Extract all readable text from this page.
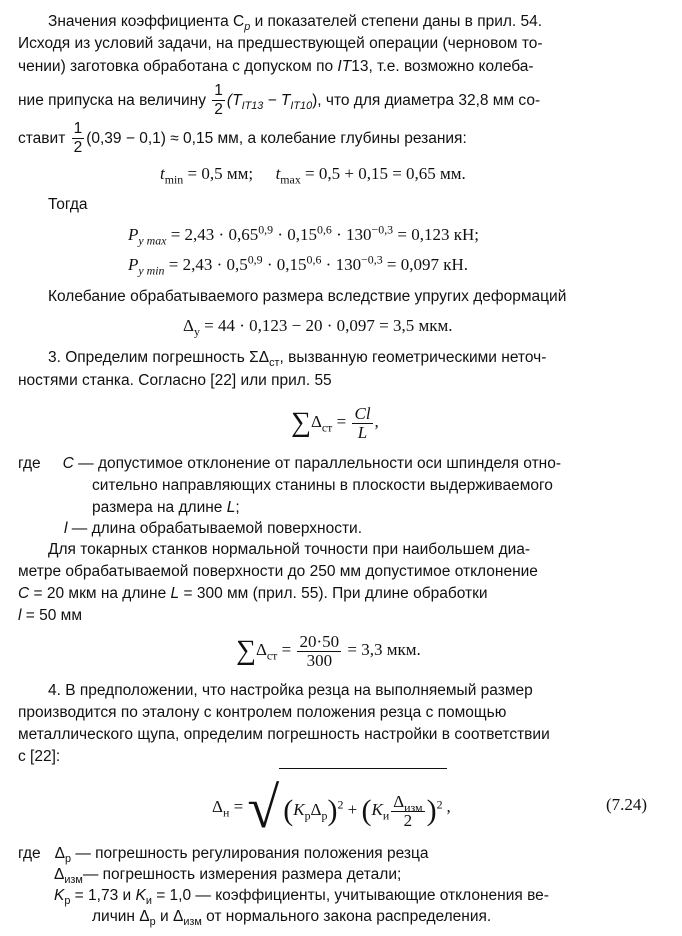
Значения коэффициента $C_p$ и показателей степени даны в прил. 54.
Исходя из условий задачи, на предшествующей операции (черновом то-
чении) заготовка обработана с допуском по IT13, т.е. возможно колеба-
ние припуска на величину $\frac{1}{2} (T_{IT13} - T_{IT10})$, что для диаметра 32,8 мм со-
ставит $\frac{1}{2} (0,39 - 0,1) \approx 0,15$ мм, а колебание глубины резания:
$t_{min} = 0,5$ мм; $t_{max} = 0,5 + 0,15 = 0,65$ мм.
Тогда
$P_{y max} = 2,43 \cdot 0,65^{0,9} \cdot 0,15^{0,6} \cdot 130^{-0,3} = 0,123$ кН;
$P_{y min} = 2,43 \cdot 0,5^{0,9} \cdot 0,15^{0,6} \cdot 130^{-0,3} = 0,097$ кН.
Колебание обрабатываемого размера вследствие упругих деформаций
$\Delta_у = 44 \cdot 0,123 - 20 \cdot 0,097 = 3,5$ мкм.
3. Определим погрешность $\Sigma\Delta_{ст}$, вызванную геометрическими неточ-
ностями станка. Согласно [22] или прил. 55
$\sum\Delta_{ст} = \frac{Cl}{L}$ ,
где C — допустимое отклонение от параллельности оси шпинделя отно-
сительно направляющих станины в плоскости выдерживаемого
размера на длине L;
l — длина обрабатываемой поверхности.
Для токарных станков нормальной точности при наибольшем диа-
метре обрабатываемой поверхности до 250 мм допустимое отклонение
C = 20 мкм на длине L = 300 мм (прил. 55). При длине обработки
l = 50 мм
$\sum\Delta_{ст} = \frac{20\cdot 50}{300} = 3,3$ мкм.
4. В предположении, что настройка резца на выполняемый размер
производится по эталону с контролем положения резца с помощью
металлического щупа, определим погрешность настройки в соответствии
с [22]:
$\Delta_н$ = √ $(K_р\Delta_р)^2 + (K_и \frac{\Delta_{изм}}{2} )^2$ ,	(7.24)
где $\Delta_р$ — погрешность регулирования положения резца
$\Delta_{изм}—$ погрешность измерения размера детали;
$K_р = 1,73$ и $K_и = 1,0$ — коэффициенты, учитывающие отклонения ве-
личин $\Delta_р$ и $\Delta_{изм}$ от нормального закона распределения.
